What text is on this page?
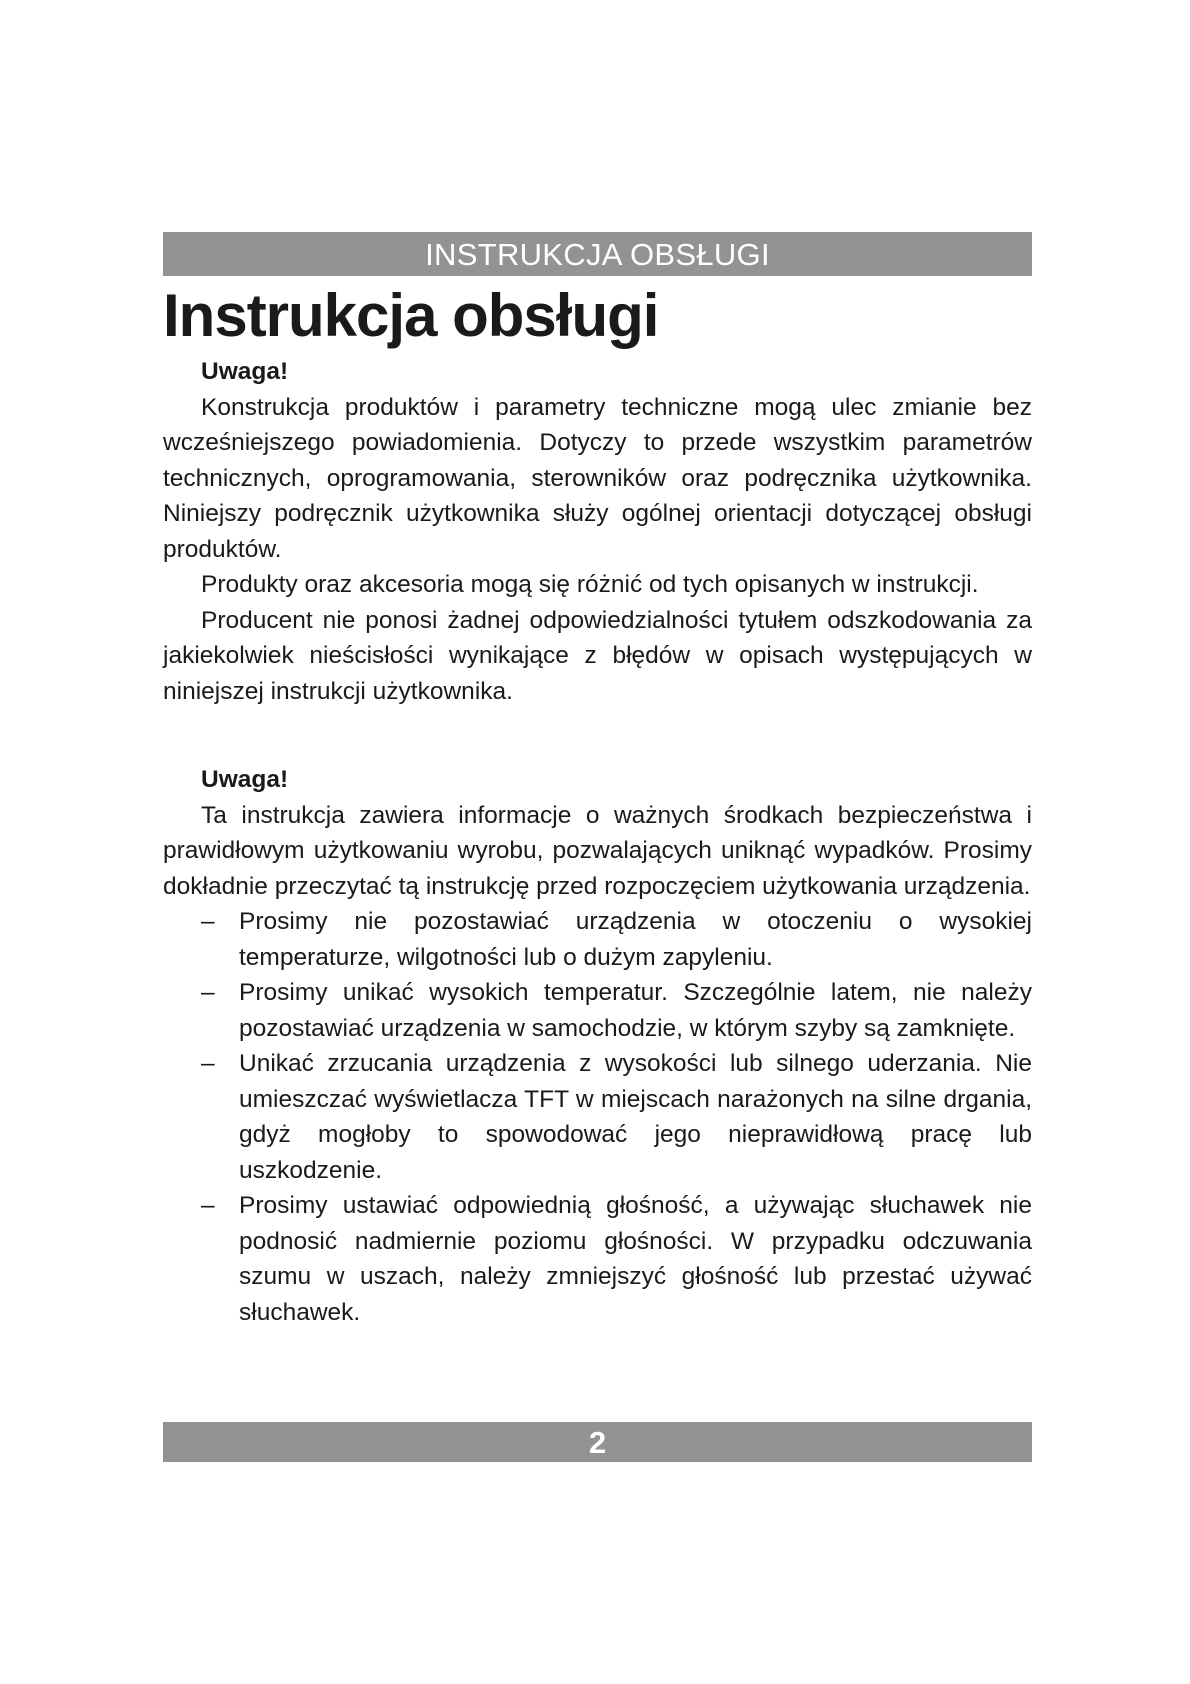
INSTRUKCJA OBSŁUGI
Instrukcja obsługi
Uwaga!

Konstrukcja produktów i parametry techniczne mogą ulec zmianie bez wcześniejszego powiadomienia. Dotyczy to przede wszystkim parametrów technicznych, oprogramowania, sterowników oraz podręcznika użytkownika. Niniejszy podręcznik użytkownika służy ogólnej orientacji dotyczącej obsługi produktów.

Produkty oraz akcesoria mogą się różnić od tych opisanych w instrukcji.

Producent nie ponosi żadnej odpowiedzialności tytułem odszkodowania za jakiekolwiek nieścisłości wynikające z błędów w opisach występujących w niniejszej instrukcji użytkownika.

Uwaga!

Ta instrukcja zawiera informacje o ważnych środkach bezpieczeństwa i prawidłowym użytkowaniu wyrobu, pozwalających uniknąć wypadków. Prosimy dokładnie przeczytać tą instrukcję przed rozpoczęciem użytkowania urządzenia.

– Prosimy nie pozostawiać urządzenia w otoczeniu o wysokiej temperaturze, wilgotności lub o dużym zapyleniu.
– Prosimy unikać wysokich temperatur. Szczególnie latem, nie należy pozostawiać urządzenia w samochodzie, w którym szyby są zamknięte.
– Unikać zrzucania urządzenia z wysokości lub silnego uderzania. Nie umieszczać wyświetlacza TFT w miejscach narażonych na silne drgania, gdyż mogłoby to spowodować jego nieprawidłową pracę lub uszkodzenie.
– Prosimy ustawiać odpowiednią głośność, a używając słuchawek nie podnosić nadmiernie poziomu głośności. W przypadku odczuwania szumu w uszach, należy zmniejszyć głośność lub przestać używać słuchawek.
2
